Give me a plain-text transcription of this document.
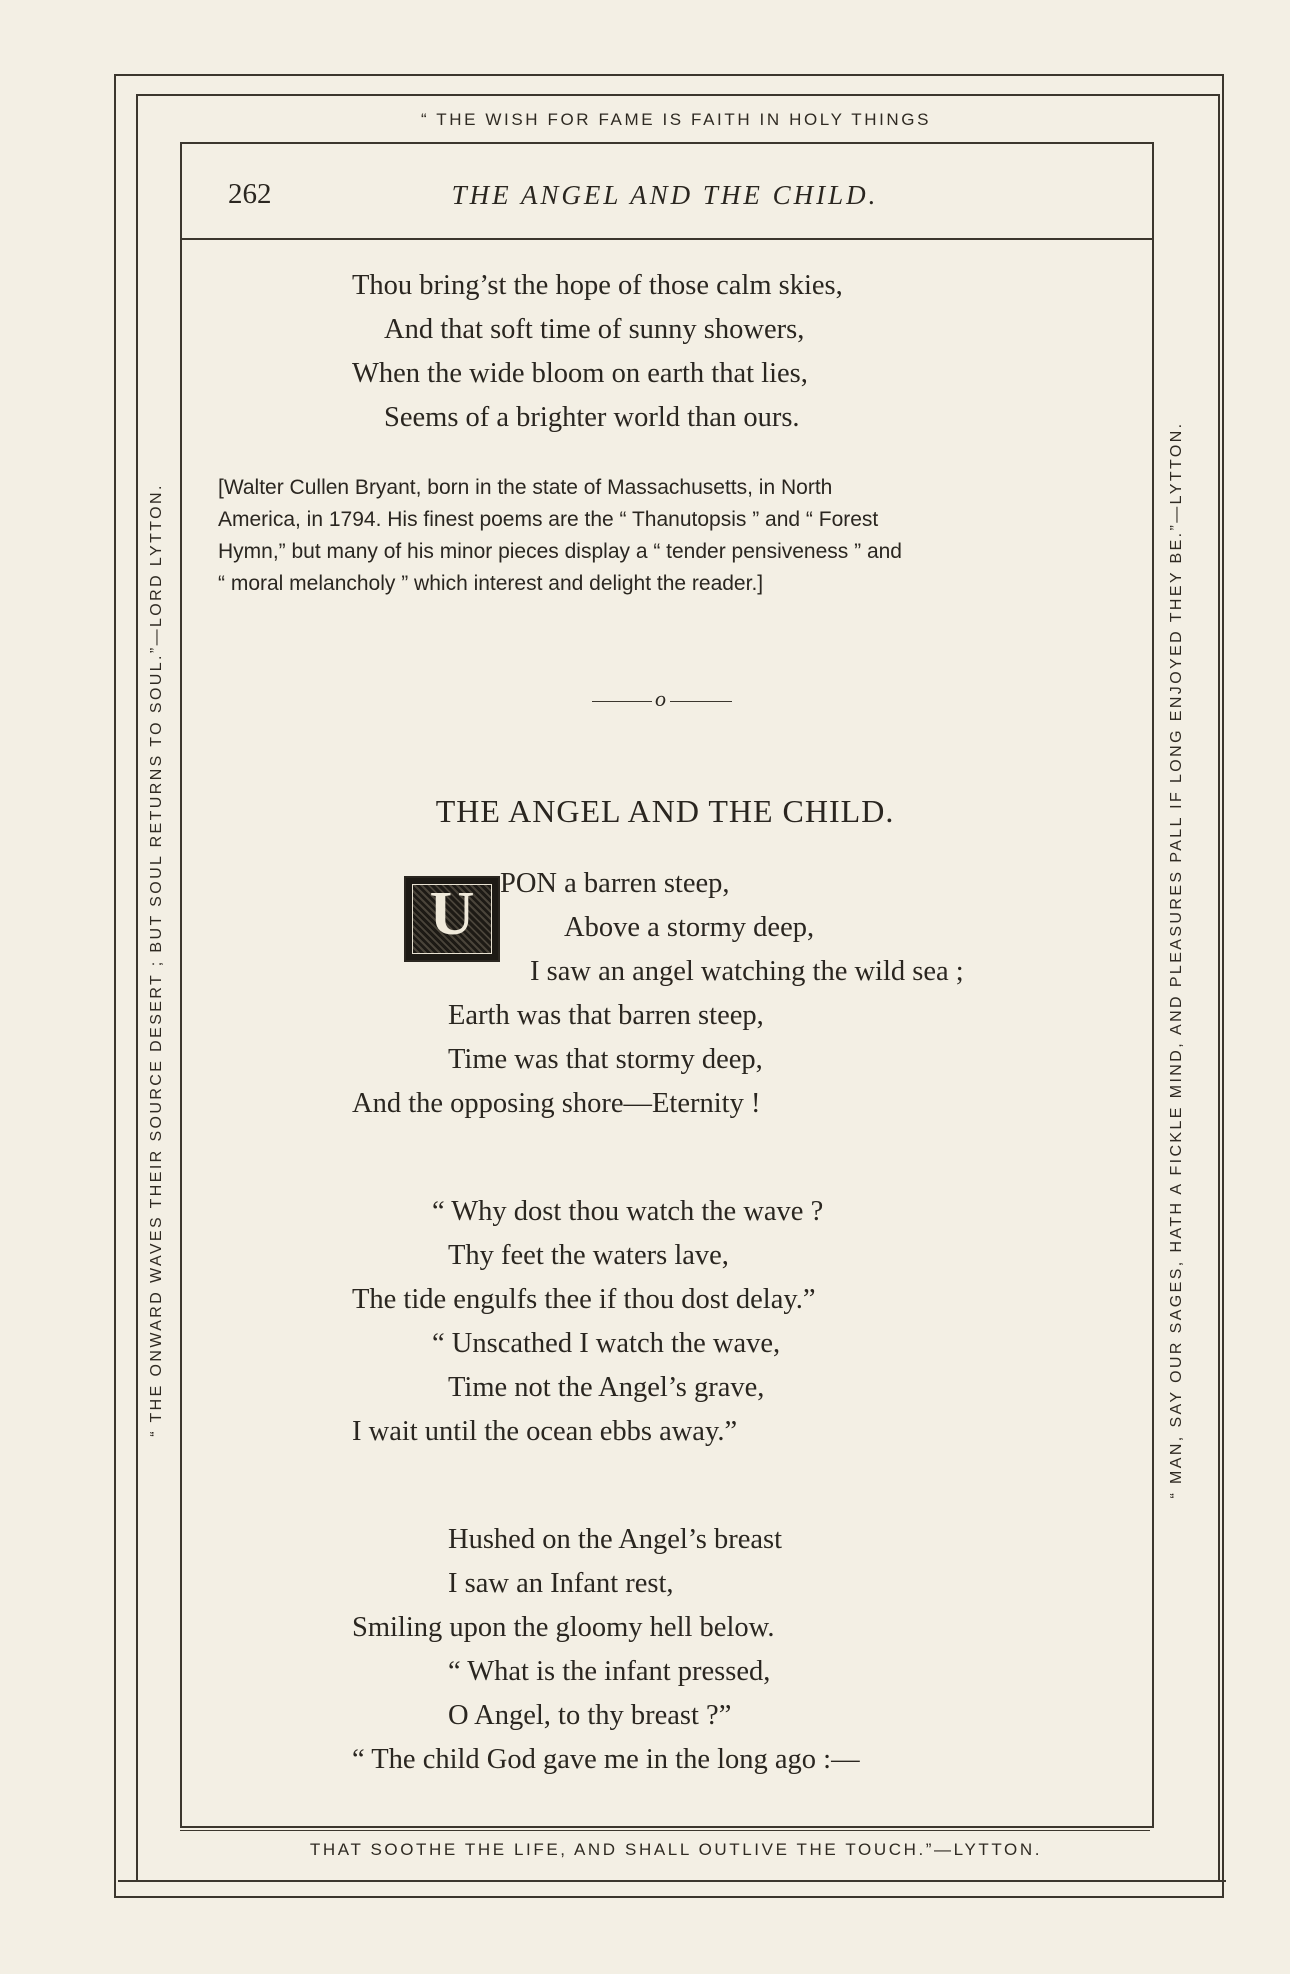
“ THE WISH FOR FAME IS FAITH IN HOLY THINGS
THAT SOOTHE THE LIFE, AND SHALL OUTLIVE THE TOUCH.”—LYTTON.
“ THE ONWARD WAVES THEIR SOURCE DESERT ; BUT SOUL RETURNS TO SOUL.”—LORD LYTTON.	“ MAN, SAY OUR SAGES, HATH A FICKLE MIND, AND PLEASURES PALL IF LONG ENJOYED THEY BE.”—LYTTON.
262	THE ANGEL AND THE CHILD.
Thou bring’st the hope of those calm skies,
And that soft time of sunny showers,
When the wide bloom on earth that lies,
Seems of a brighter world than ours.
[Walter Cullen Bryant, born in the state of Massachusetts, in North
America, in 1794. His finest poems are the “ Thanutopsis ” and “ Forest
Hymn,” but many of his minor pieces display a “ tender pensiveness ” and
“ moral melancholy ” which interest and delight the reader.]
o
THE ANGEL AND THE CHILD.
U PON a barren steep,
Above a stormy deep,
I saw an angel watching the wild sea ;
Earth was that barren steep,
Time was that stormy deep,
And the opposing shore—Eternity !
“ Why dost thou watch the wave ?
Thy feet the waters lave,
The tide engulfs thee if thou dost delay.”
“ Unscathed I watch the wave,
Time not the Angel’s grave,
I wait until the ocean ebbs away.”
Hushed on the Angel’s breast
I saw an Infant rest,
Smiling upon the gloomy hell below.
“ What is the infant pressed,
O Angel, to thy breast ?”
“ The child God gave me in the long ago :—
